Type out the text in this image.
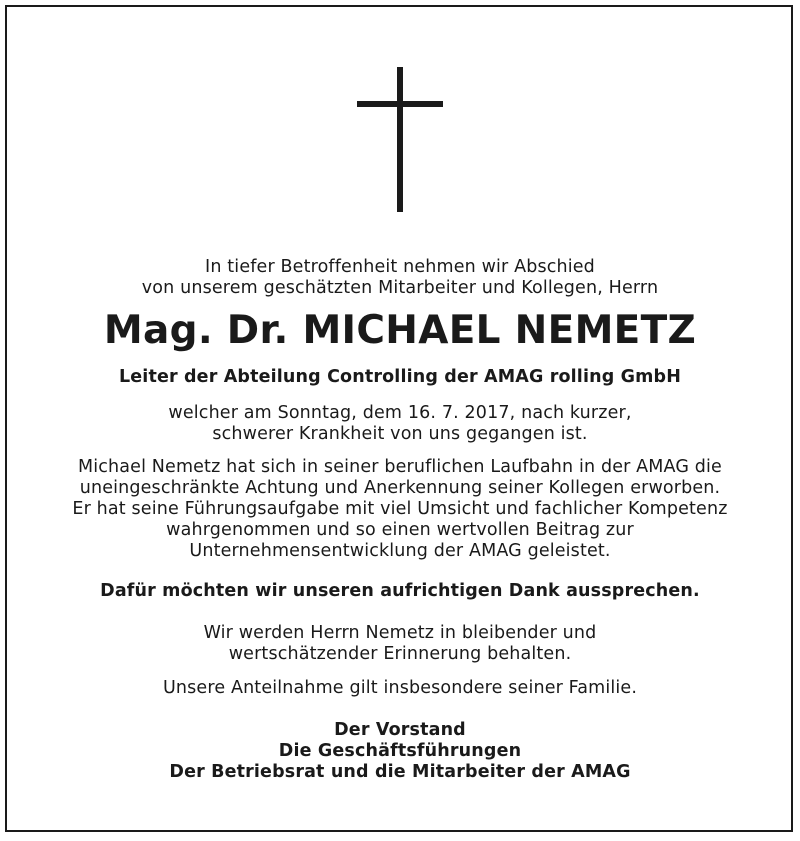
In tiefer Betroffenheit nehmen wir Abschied
von unserem geschätzten Mitarbeiter und Kollegen, Herrn
Mag. Dr. MICHAEL NEMETZ
Leiter der Abteilung Controlling der AMAG rolling GmbH
welcher am Sonntag, dem 16. 7. 2017, nach kurzer,
schwerer Krankheit von uns gegangen ist.
Michael Nemetz hat sich in seiner beruflichen Laufbahn in der AMAG die
uneingeschränkte Achtung und Anerkennung seiner Kollegen erworben.
Er hat seine Führungsaufgabe mit viel Umsicht und fachlicher Kompetenz
wahrgenommen und so einen wertvollen Beitrag zur
Unternehmensentwicklung der AMAG geleistet.
Dafür möchten wir unseren aufrichtigen Dank aussprechen.
Wir werden Herrn Nemetz in bleibender und
wertschätzender Erinnerung behalten.
Unsere Anteilnahme gilt insbesondere seiner Familie.
Der Vorstand
Die Geschäftsführungen
Der Betriebsrat und die Mitarbeiter der AMAG
